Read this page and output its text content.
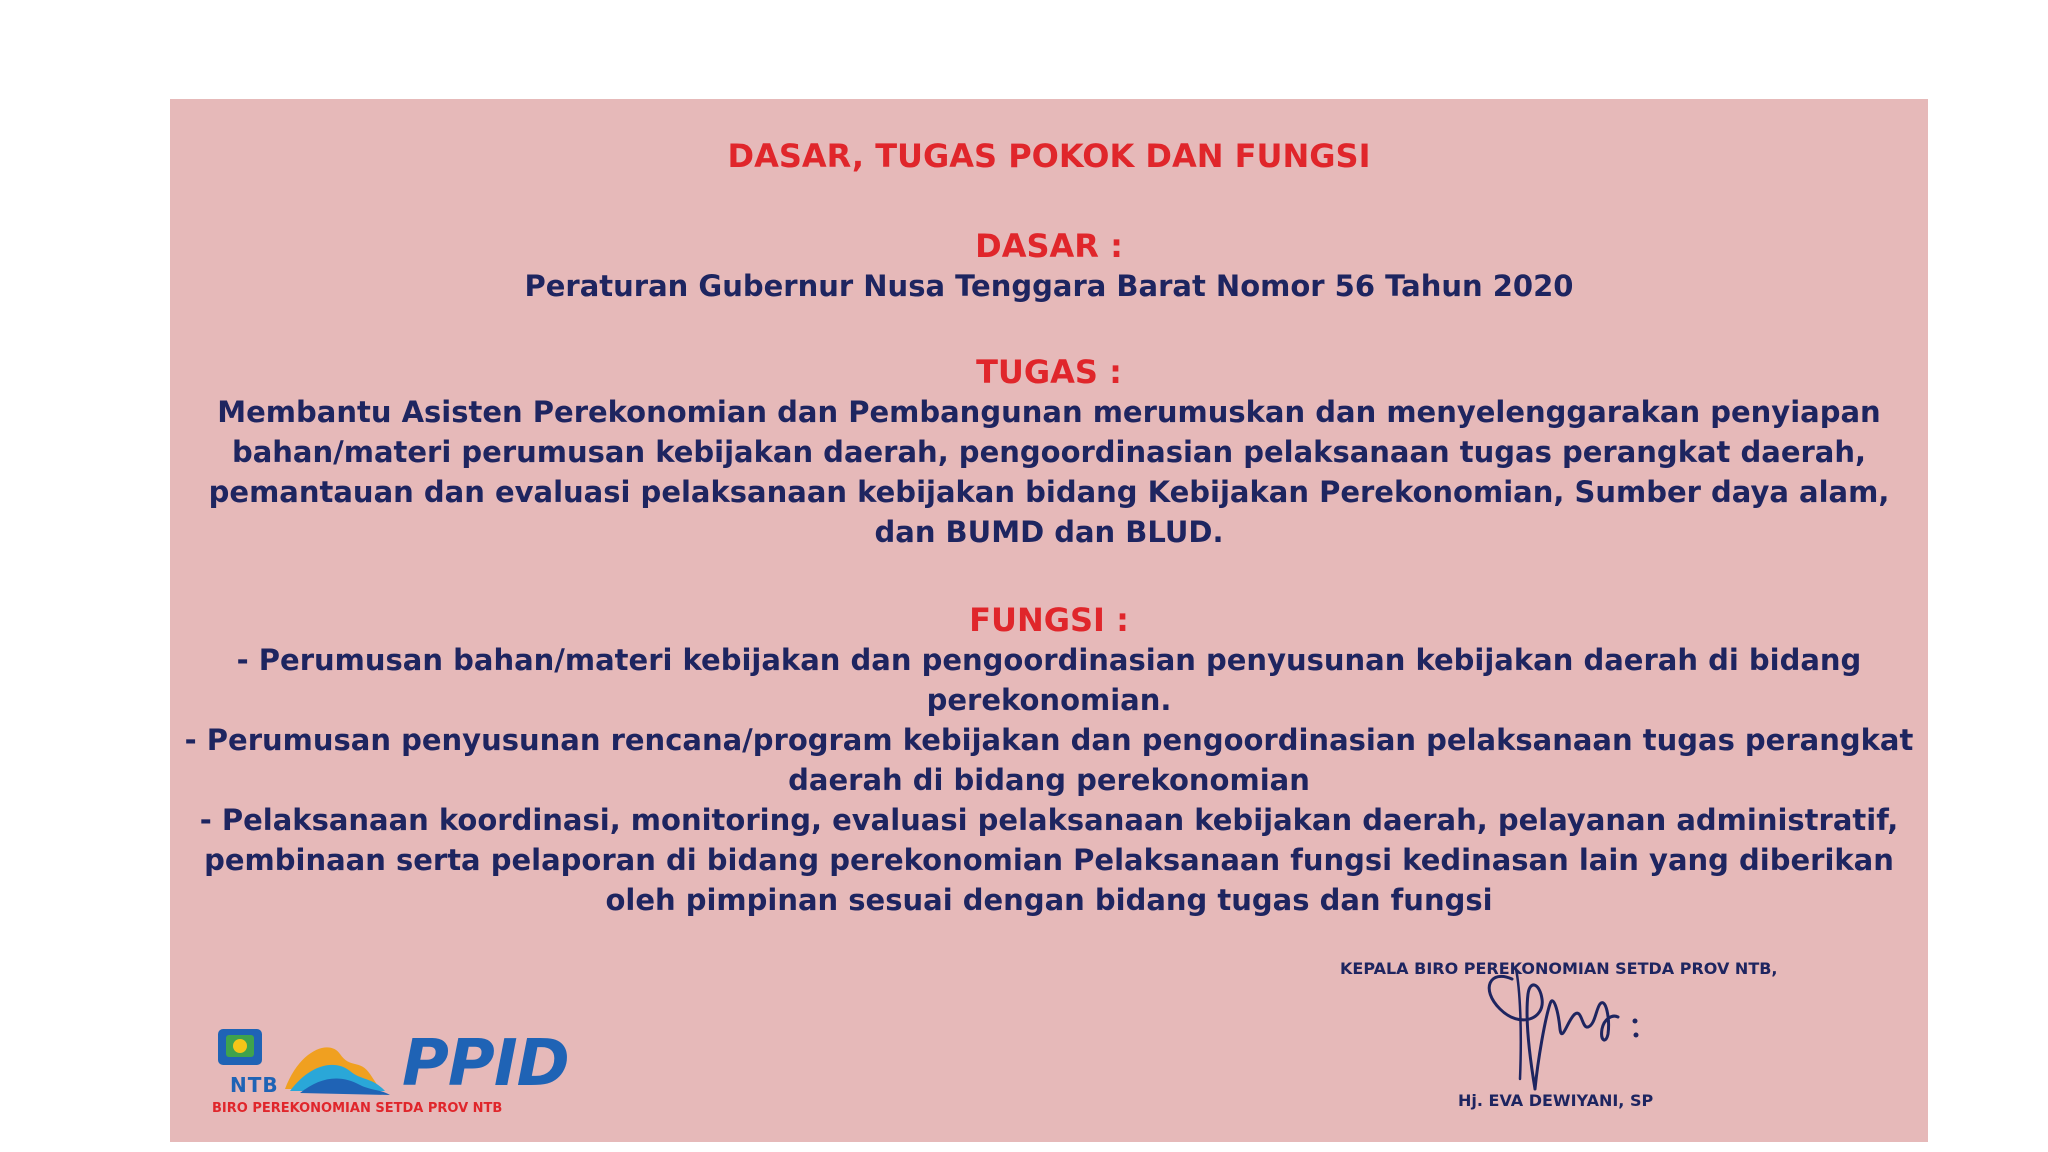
DASAR, TUGAS POKOK DAN FUNGSI
DASAR :
Peraturan Gubernur Nusa Tenggara Barat Nomor 56 Tahun 2020
TUGAS :
Membantu Asisten Perekonomian dan Pembangunan merumuskan dan menyelenggarakan penyiapan
bahan/materi perumusan kebijakan daerah, pengoordinasian pelaksanaan tugas perangkat daerah,
pemantauan dan evaluasi pelaksanaan kebijakan bidang Kebijakan Perekonomian, Sumber daya alam,
dan BUMD dan BLUD.
FUNGSI :
- Perumusan bahan/materi kebijakan dan pengoordinasian penyusunan kebijakan daerah di bidang
perekonomian.
- Perumusan penyusunan rencana/program kebijakan dan pengoordinasian pelaksanaan tugas perangkat
daerah di bidang perekonomian
- Pelaksanaan koordinasi, monitoring, evaluasi pelaksanaan kebijakan daerah, pelayanan administratif,
pembinaan serta pelaporan di bidang perekonomian Pelaksanaan fungsi kedinasan lain yang diberikan
oleh pimpinan sesuai dengan bidang tugas dan fungsi
KEPALA BIRO PEREKONOMIAN SETDA PROV NTB,
Hj. EVA DEWIYANI, SP
NTB PPID
BIRO PEREKONOMIAN SETDA PROV NTB
